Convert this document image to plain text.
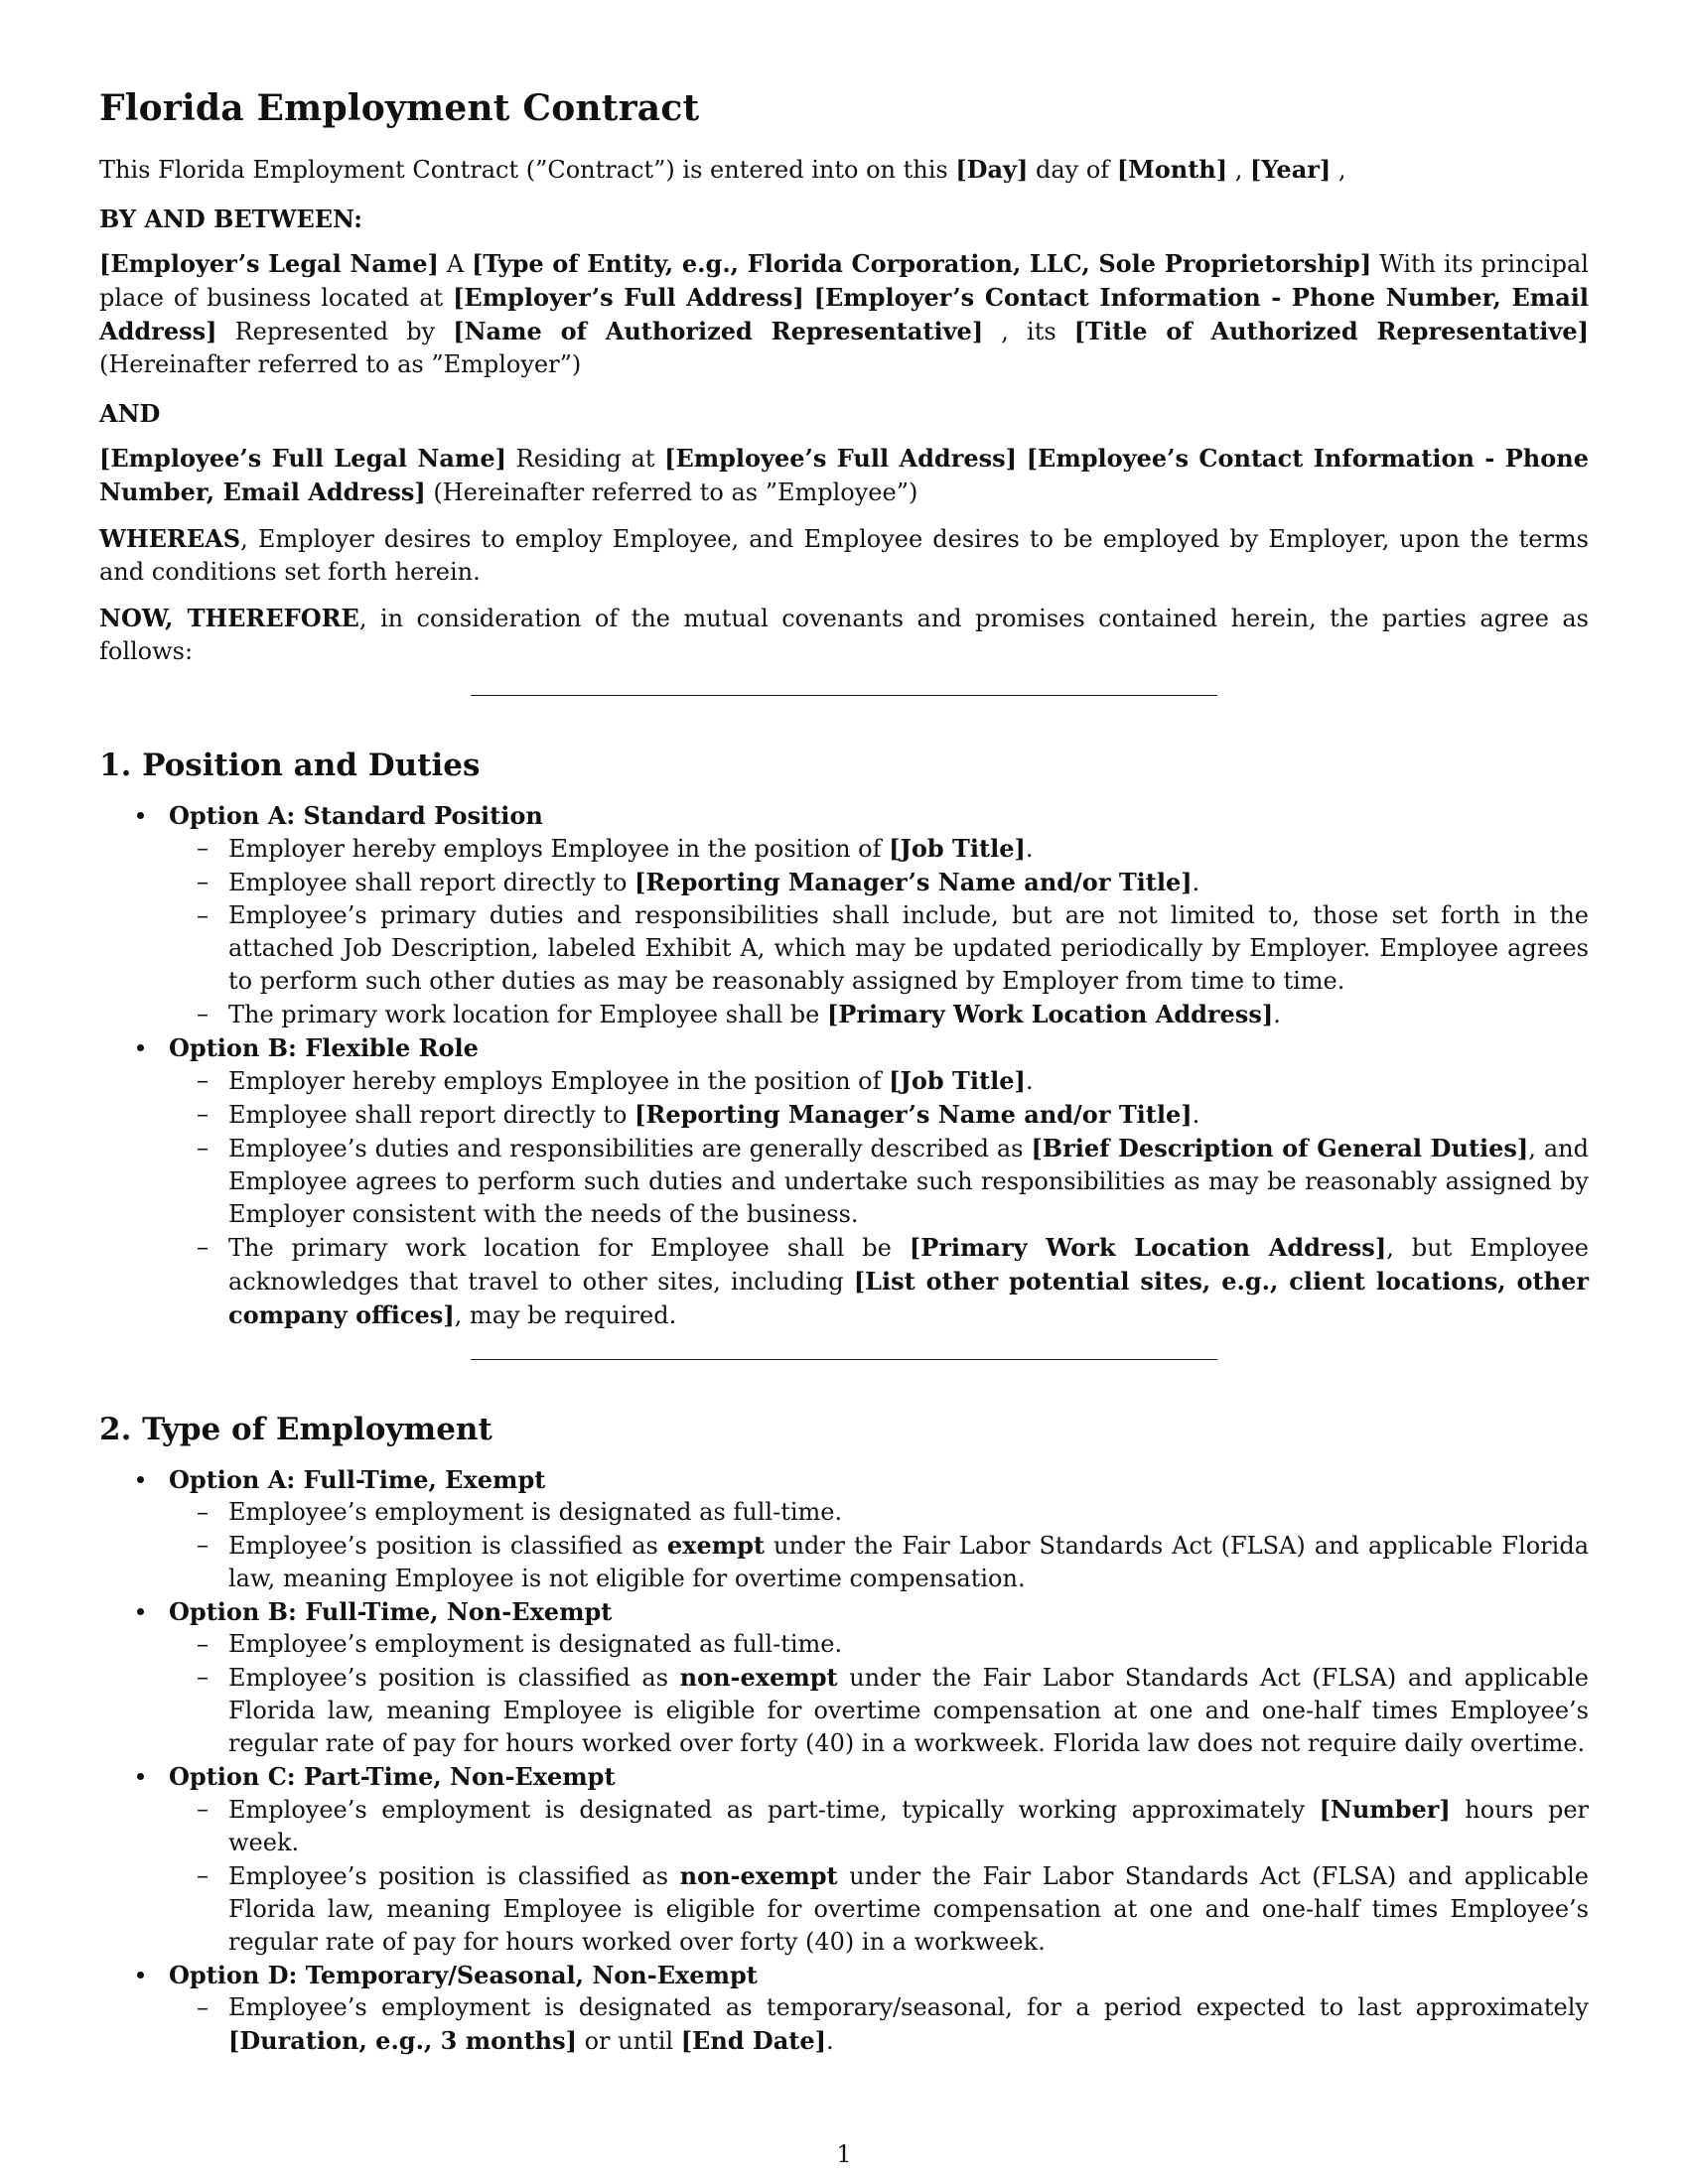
Florida Employment Contract

This Florida Employment Contract (”Contract”) is entered into on this [Day] day of [Month] , [Year] ,

BY AND BETWEEN:

[Employer’s Legal Name] A [Type of Entity, e.g., Florida Corporation, LLC, Sole Proprietorship] With its principal place of business located at [Employer’s Full Address] [Employer’s Contact Information - Phone Number, Email Address] Represented by [Name of Authorized Representative] , its [Title of Authorized Representative] (Hereinafter referred to as ”Employer”)

AND

[Employee’s Full Legal Name] Residing at [Employee’s Full Address] [Employee’s Contact Information - Phone Number, Email Address] (Hereinafter referred to as ”Employee”)

WHEREAS, Employer desires to employ Employee, and Employee desires to be employed by Employer, upon the terms and conditions set forth herein.

NOW, THEREFORE, in consideration of the mutual covenants and promises contained herein, the parties agree as follows:

1. Position and Duties
Option A: Standard Position
– Employer hereby employs Employee in the position of [Job Title].
– Employee shall report directly to [Reporting Manager’s Name and/or Title].
– Employee’s primary duties and responsibilities shall include, but are not limited to, those set forth in the attached Job Description, labeled Exhibit A, which may be updated periodically by Employer. Employee agrees to perform such other duties as may be reasonably assigned by Employer from time to time.
– The primary work location for Employee shall be [Primary Work Location Address].
Option B: Flexible Role
– Employer hereby employs Employee in the position of [Job Title].
– Employee shall report directly to [Reporting Manager’s Name and/or Title].
– Employee’s duties and responsibilities are generally described as [Brief Description of General Duties], and Employee agrees to perform such duties and undertake such responsibilities as may be reasonably assigned by Employer consistent with the needs of the business.
– The primary work location for Employee shall be [Primary Work Location Address], but Employee acknowledges that travel to other sites, including [List other potential sites, e.g., client locations, other company offices], may be required.
2. Type of Employment
Option A: Full-Time, Exempt
– Employee’s employment is designated as full-time.
– Employee’s position is classified as exempt under the Fair Labor Standards Act (FLSA) and applicable Florida law, meaning Employee is not eligible for overtime compensation.
Option B: Full-Time, Non-Exempt
– Employee’s employment is designated as full-time.
– Employee’s position is classified as non-exempt under the Fair Labor Standards Act (FLSA) and applicable Florida law, meaning Employee is eligible for overtime compensation at one and one-half times Employee’s regular rate of pay for hours worked over forty (40) in a workweek. Florida law does not require daily overtime.
Option C: Part-Time, Non-Exempt
– Employee’s employment is designated as part-time, typically working approximately [Number] hours per week.
– Employee’s position is classified as non-exempt under the Fair Labor Standards Act (FLSA) and applicable Florida law, meaning Employee is eligible for overtime compensation at one and one-half times Employee’s regular rate of pay for hours worked over forty (40) in a workweek.
Option D: Temporary/Seasonal, Non-Exempt
– Employee’s employment is designated as temporary/seasonal, for a period expected to last approximately [Duration, e.g., 3 months] or until [End Date].
1
